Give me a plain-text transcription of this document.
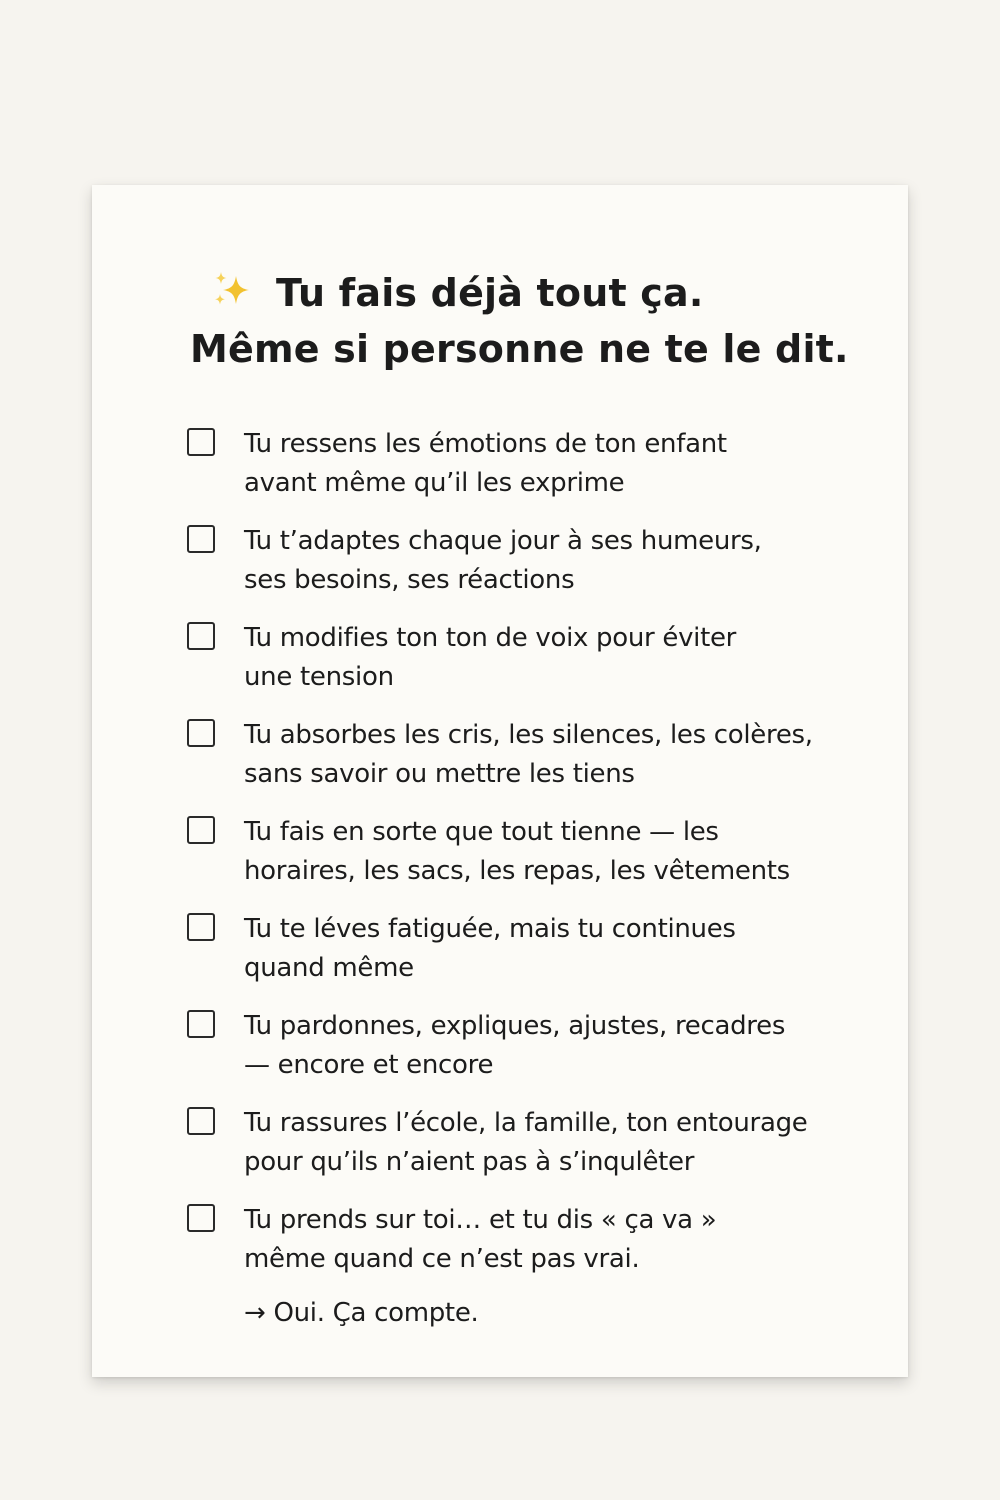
Tu fais déjà tout ça.
Même si personne ne te le dit.
Tu ressens les émotions de ton enfant
avant même qu’il les exprime
Tu t’adaptes chaque jour à ses humeurs,
ses besoins, ses réactions
Tu modifies ton ton de voix pour éviter
une tension
Tu absorbes les cris, les silences, les colères,
sans savoir ou mettre les tiens
Tu fais en sorte que tout tienne — les
horaires, les sacs, les repas, les vêtements
Tu te léves fatiguée, mais tu continues
quand même
Tu pardonnes, expliques, ajustes, recadres
— encore et encore
Tu rassures l’école, la famille, ton entourage
pour qu’ils n’aient pas à s’inqulêter
Tu prends sur toi… et tu dis « ça va »
même quand ce n’est pas vrai.
→ Oui. Ça compte.
